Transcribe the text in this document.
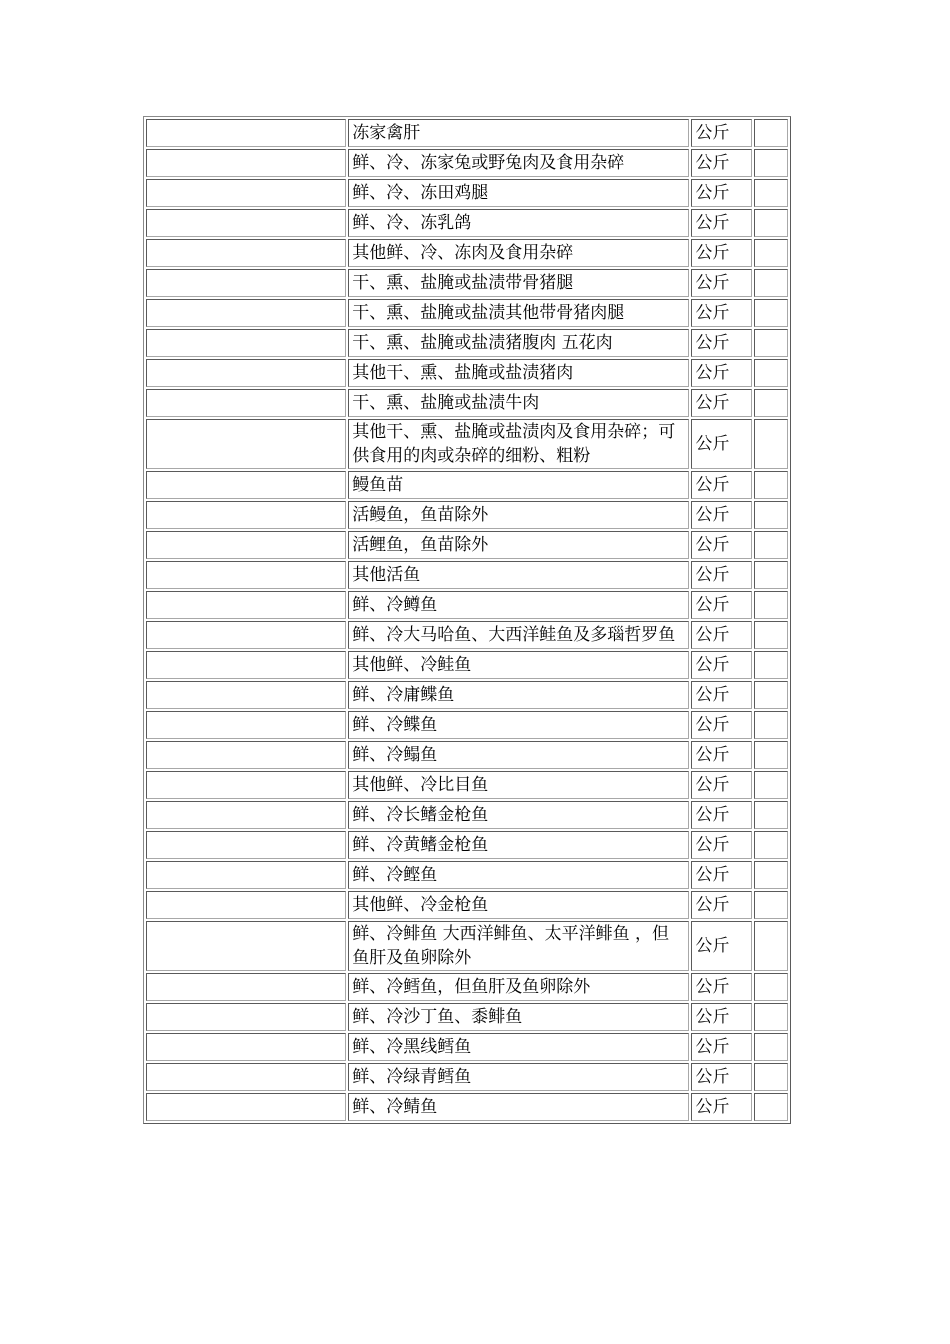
	冻家禽肝	公斤	
	鲜、冷、冻家兔或野兔肉及食用杂碎	公斤	
	鲜、冷、冻田鸡腿	公斤	
	鲜、冷、冻乳鸽	公斤	
	其他鲜、冷、冻肉及食用杂碎	公斤	
	干、熏、盐腌或盐渍带骨猪腿	公斤	
	干、熏、盐腌或盐渍其他带骨猪肉腿	公斤	
	干、熏、盐腌或盐渍猪腹肉 五花肉	公斤	
	其他干、熏、盐腌或盐渍猪肉	公斤	
	干、熏、盐腌或盐渍牛肉	公斤	
	其他干、熏、盐腌或盐渍肉及食用杂碎；可供食用的肉或杂碎的细粉、粗粉	公斤	
	鳗鱼苗	公斤	
	活鳗鱼，鱼苗除外	公斤	
	活鲤鱼，鱼苗除外	公斤	
	其他活鱼	公斤	
	鲜、冷鳟鱼	公斤	
	鲜、冷大马哈鱼、大西洋鲑鱼及多瑙哲罗鱼	公斤	
	其他鲜、冷鲑鱼	公斤	
	鲜、冷庸鲽鱼	公斤	
	鲜、冷鲽鱼	公斤	
	鲜、冷鳎鱼	公斤	
	其他鲜、冷比目鱼	公斤	
	鲜、冷长鳍金枪鱼	公斤	
	鲜、冷黄鳍金枪鱼	公斤	
	鲜、冷鲣鱼	公斤	
	其他鲜、冷金枪鱼	公斤	
	鲜、冷鲱鱼 大西洋鲱鱼、太平洋鲱鱼 ，但鱼肝及鱼卵除外	公斤	
	鲜、冷鳕鱼，但鱼肝及鱼卵除外	公斤	
	鲜、冷沙丁鱼、黍鲱鱼	公斤	
	鲜、冷黑线鳕鱼	公斤	
	鲜、冷绿青鳕鱼	公斤	
	鲜、冷鲭鱼	公斤	
